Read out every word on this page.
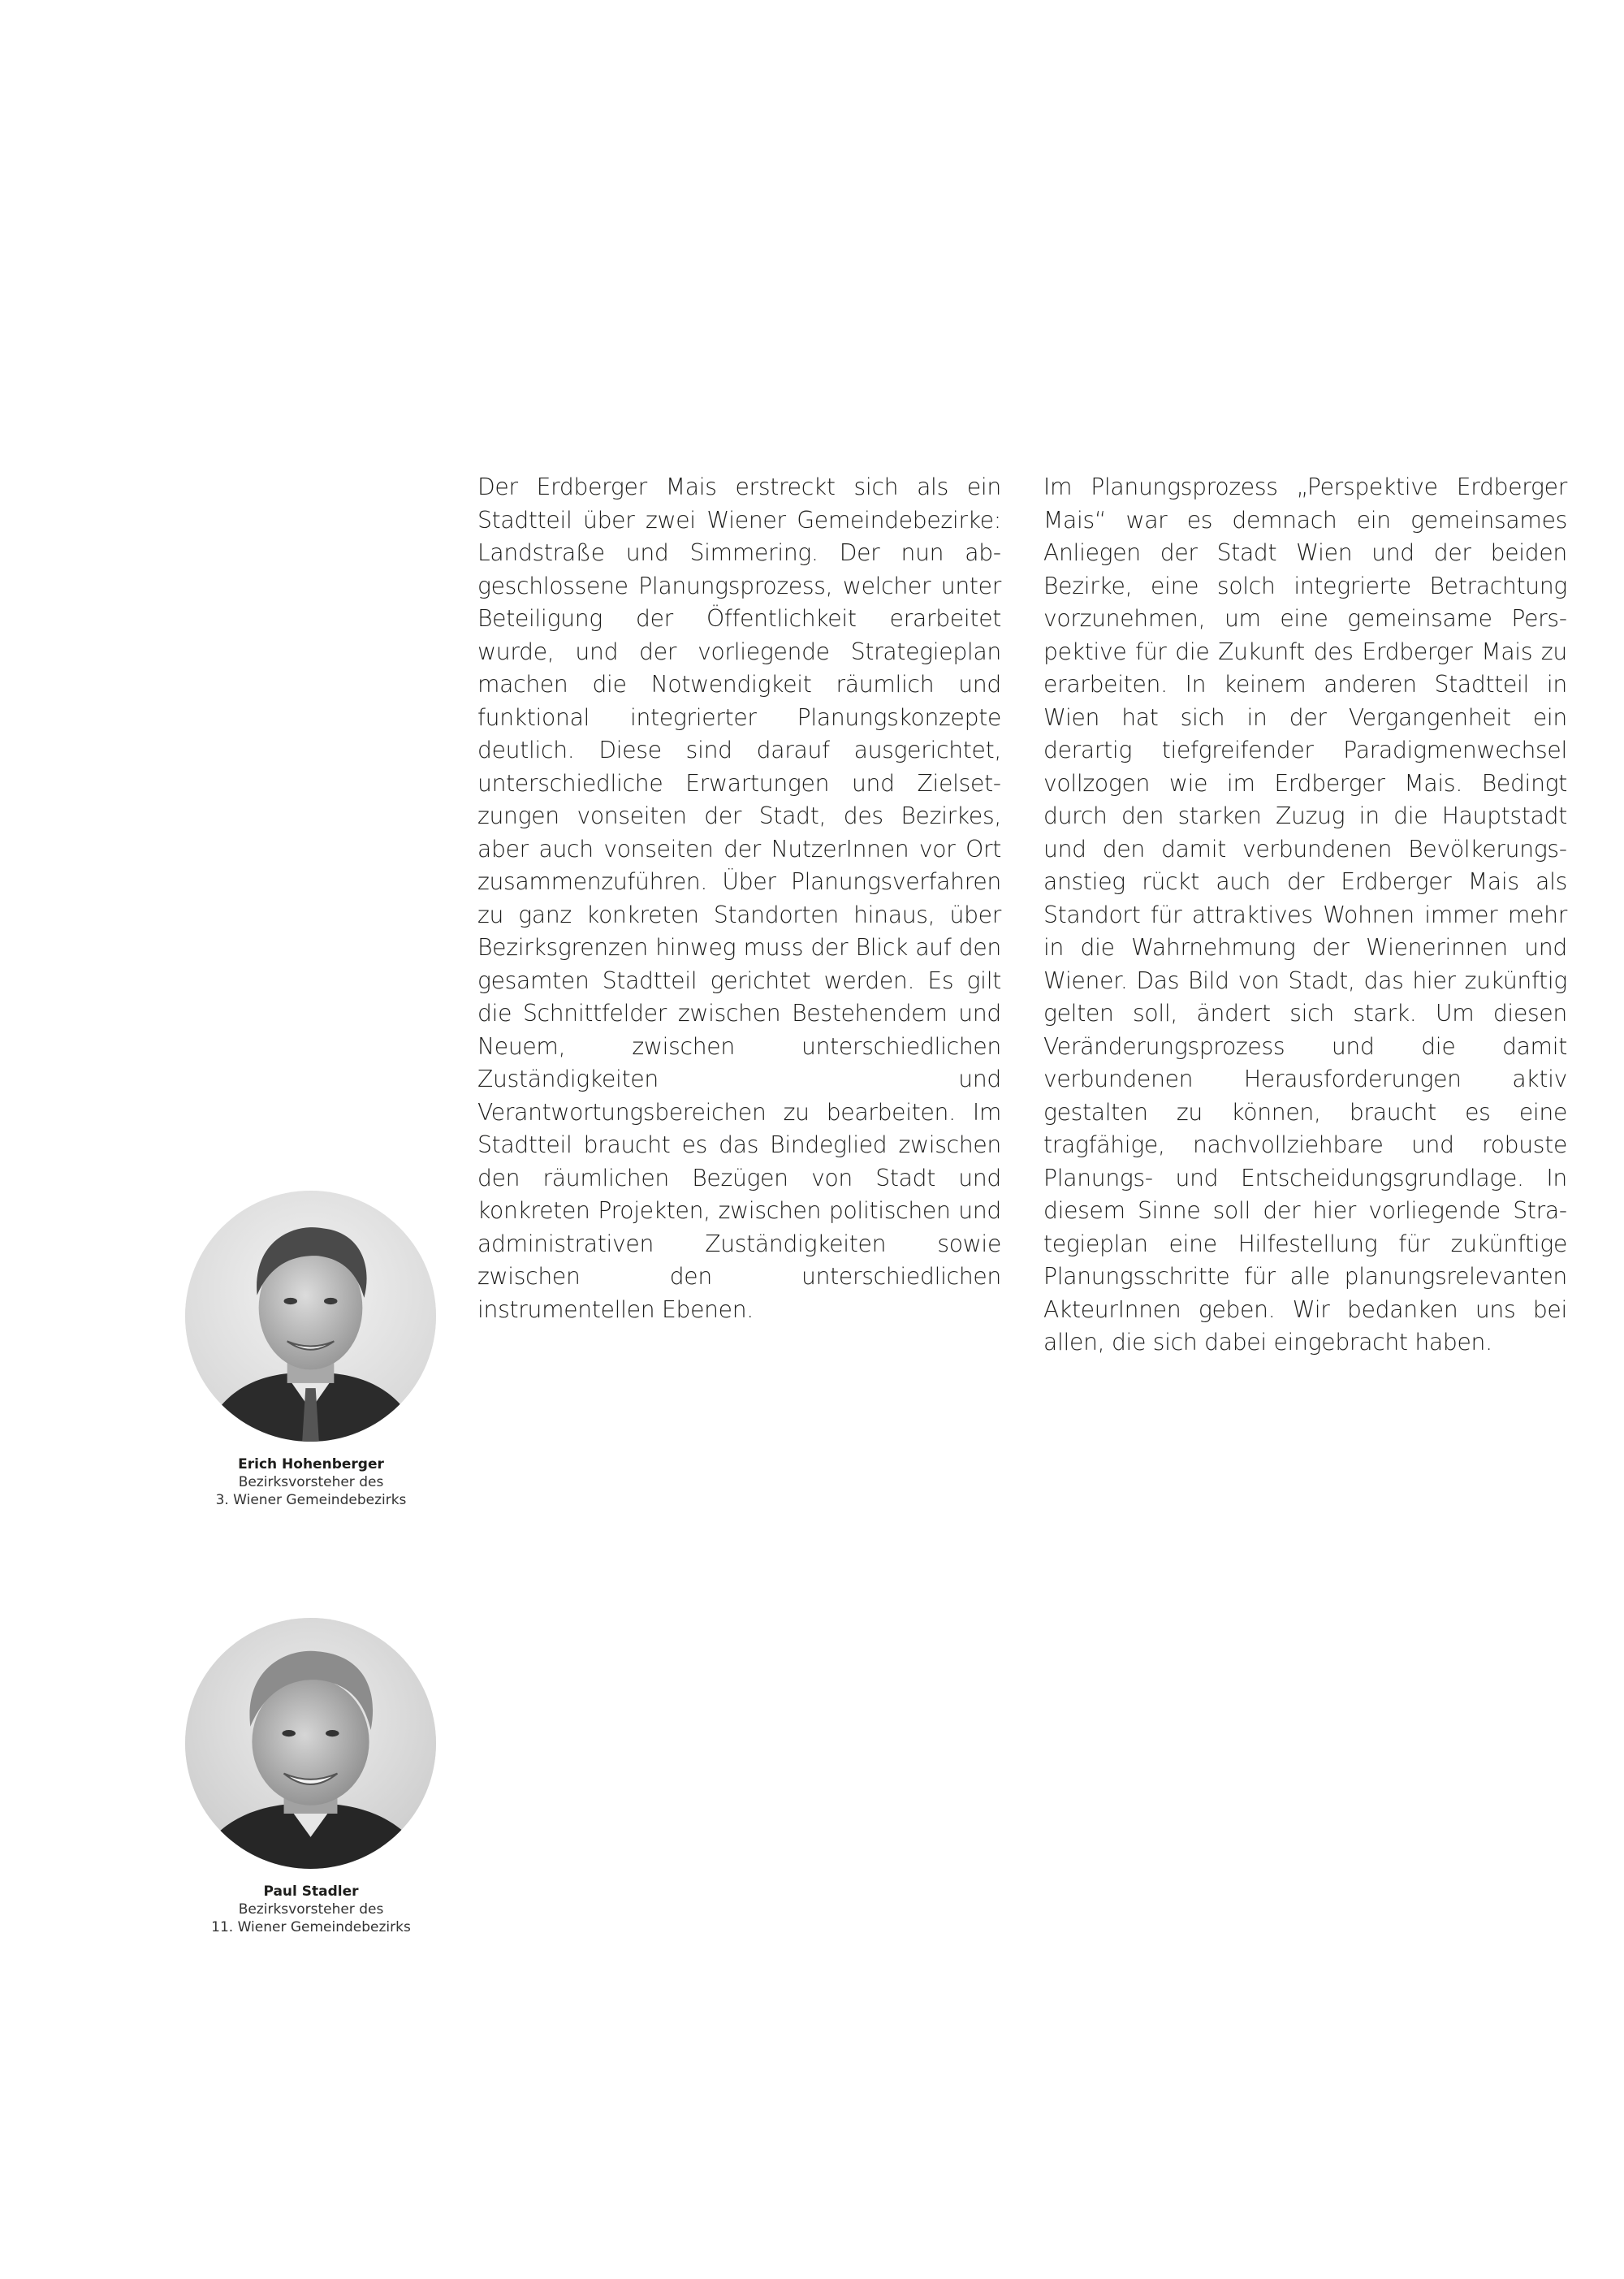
Der Erdberger Mais erstreckt sich als ein Stadtteil über zwei Wiener Gemeindebezirke: Landstraße und Simmering. Der nun abgeschlossene Planungsprozess, welcher unter Beteiligung der Öffentlichkeit erarbeitet wurde, und der vorliegende Strategieplan machen die Notwendigkeit räumlich und funktional integrierter Planungskonzepte deutlich. Diese sind darauf ausgerichtet, unterschiedliche Erwartungen und Zielsetzungen vonseiten der Stadt, des Bezirkes, aber auch vonseiten der NutzerInnen vor Ort zusammenzuführen. Über Planungsverfahren zu ganz konkreten Standorten hinaus, über Bezirksgrenzen hinweg muss der Blick auf den gesamten Stadtteil gerichtet werden. Es gilt die Schnittfelder zwischen Bestehendem und Neuem, zwischen unterschiedlichen Zuständigkeiten und Verantwortungsbereichen zu bearbeiten. Im Stadtteil braucht es das Bindeglied zwischen den räumlichen Bezügen von Stadt und konkreten Projekten, zwischen politischen und administrativen Zuständigkeiten sowie zwischen den unterschiedlichen instrumentellen Ebenen.

Im Planungsprozess „Perspektive Erdberger Mais“ war es demnach ein gemeinsames Anliegen der Stadt Wien und der beiden Bezirke, eine solch integrierte Betrachtung vorzunehmen, um eine gemeinsame Perspektive für die Zukunft des Erdberger Mais zu erarbeiten. In keinem anderen Stadtteil in Wien hat sich in der Vergangenheit ein derartig tiefgreifender Paradigmenwechsel vollzogen wie im Erdberger Mais. Bedingt durch den starken Zuzug in die Hauptstadt und den damit verbundenen Bevölkerungsanstieg rückt auch der Erdberger Mais als Standort für attraktives Wohnen immer mehr in die Wahrnehmung der Wienerinnen und Wiener. Das Bild von Stadt, das hier zukünftig gelten soll, ändert sich stark. Um diesen Veränderungsprozess und die damit verbundenen Herausforderungen aktiv gestalten zu können, braucht es eine tragfähige, nachvollziehbare und robuste Planungs- und Entscheidungsgrundlage. In diesem Sinne soll der hier vorliegende Strategieplan eine Hilfestellung für zukünftige Planungsschritte für alle planungsrelevanten AkteurInnen geben. Wir bedanken uns bei allen, die sich dabei eingebracht haben.

Erich Hohenberger
Bezirksvorsteher des
3. Wiener Gemeindebezirks
Paul Stadler
Bezirksvorsteher des
11. Wiener Gemeindebezirks
